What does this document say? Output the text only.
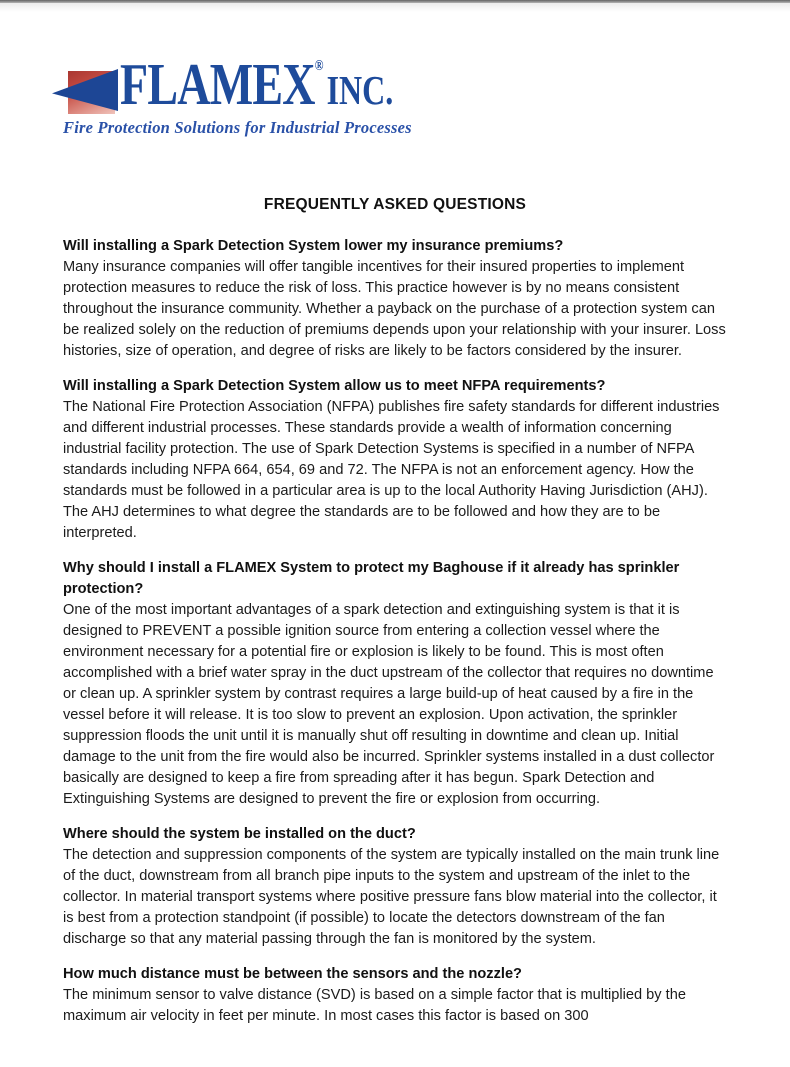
FLAMEX®INC.
Fire Protection Solutions for Industrial Processes
FREQUENTLY ASKED QUESTIONS
Will installing a Spark Detection System lower my insurance premiums?

Many insurance companies will offer tangible incentives for their insured properties to implement protection measures to reduce the risk of loss. This practice however is by no means consistent throughout the insurance community. Whether a payback on the purchase of a protection system can be realized solely on the reduction of premiums depends upon your relationship with your insurer. Loss histories, size of operation, and degree of risks are likely to be factors considered by the insurer.

Will installing a Spark Detection System allow us to meet NFPA requirements?

The National Fire Protection Association (NFPA) publishes fire safety standards for different industries and different industrial processes. These standards provide a wealth of information concerning industrial facility protection. The use of Spark Detection Systems is specified in a number of NFPA standards including NFPA 664, 654, 69 and 72. The NFPA is not an enforcement agency. How the standards must be followed in a particular area is up to the local Authority Having Jurisdiction (AHJ). The AHJ determines to what degree the standards are to be followed and how they are to be interpreted.

Why should I install a FLAMEX System to protect my Baghouse if it already has sprinkler protection?

One of the most important advantages of a spark detection and extinguishing system is that it is designed to PREVENT a possible ignition source from entering a collection vessel where the environment necessary for a potential fire or explosion is likely to be found. This is most often accomplished with a brief water spray in the duct upstream of the collector that requires no downtime or clean up. A sprinkler system by contrast requires a large build-up of heat caused by a fire in the vessel before it will release. It is too slow to prevent an explosion. Upon activation, the sprinkler suppression floods the unit until it is manually shut off resulting in downtime and clean up. Initial damage to the unit from the fire would also be incurred. Sprinkler systems installed in a dust collector basically are designed to keep a fire from spreading after it has begun. Spark Detection and Extinguishing Systems are designed to prevent the fire or explosion from occurring.

Where should the system be installed on the duct?

The detection and suppression components of the system are typically installed on the main trunk line of the duct, downstream from all branch pipe inputs to the system and upstream of the inlet to the collector. In material transport systems where positive pressure fans blow material into the collector, it is best from a protection standpoint (if possible) to locate the detectors downstream of the fan discharge so that any material passing through the fan is monitored by the system.

How much distance must be between the sensors and the nozzle?

The minimum sensor to valve distance (SVD) is based on a simple factor that is multiplied by the maximum air velocity in feet per minute. In most cases this factor is based on 300
